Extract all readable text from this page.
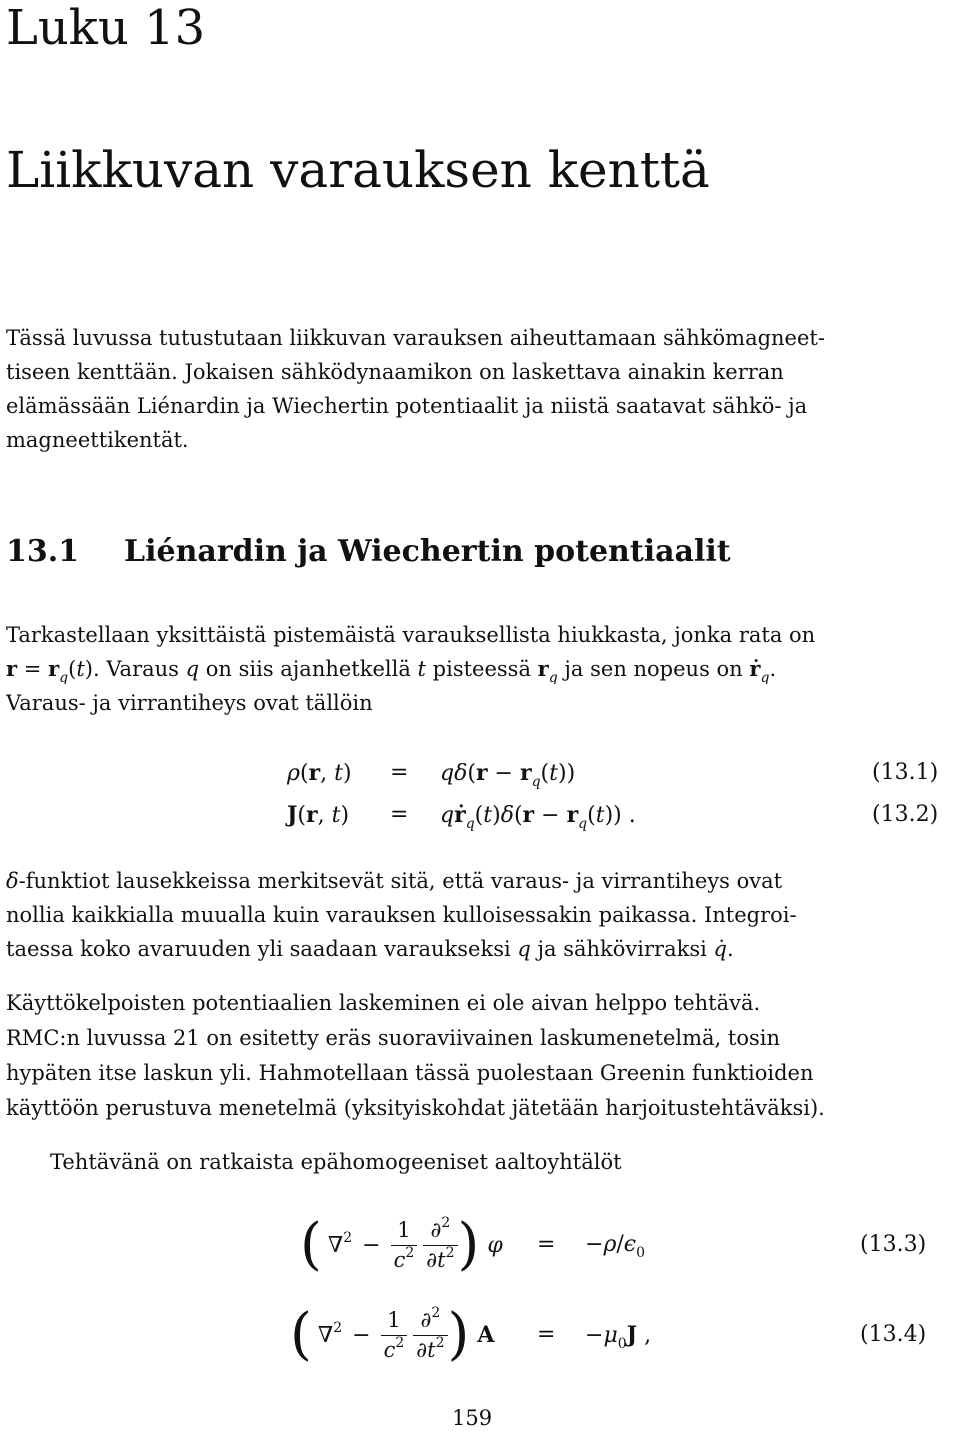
Luku 13
Liikkuvan varauksen kenttä
Tässä luvussa tutustutaan liikkuvan varauksen aiheuttamaan sähkömagneet-
tiseen kenttään. Jokaisen sähködynaamikon on laskettava ainakin kerran
elämässään Liénardin ja Wiechertin potentiaalit ja niistä saatavat sähkö- ja
magneettikentät.
13.1 Liénardin ja Wiechertin potentiaalit
Tarkastellaan yksittäistä pistemäistä varauksellista hiukkasta, jonka rata on
$r = r_q(t)$. Varaus q on siis ajanhetkellä t pisteessä $r_q$ ja sen nopeus on ṙ$_q$.
Varaus- ja virrantiheys ovat tällöin
ρ(r, $t) = q\delta(r - r_q(t))$	(13.1)
J(r, t) = qṙ$_q$(t)δ(r − $r_q(t)$) .	(13.2)
δ-funktiot lausekkeissa merkitsevät sitä, että varaus- ja virrantiheys ovat
nollia kaikkialla muualla kuin varauksen kulloisessakin paikassa. Integroi-
taessa koko avaruuden yli saadaan varaukseksi q ja sähkövirraksi q̇.
Käyttökelpoisten potentiaalien laskeminen ei ole aivan helppo tehtävä.
RMC:n luvussa 21 on esitetty eräs suoraviivainen laskumenetelmä, tosin
hypäten itse laskun yli. Hahmotellaan tässä puolestaan Greenin funktioiden
käyttöön perustuva menetelmä (yksityiskohdat jätetään harjoitustehtäväksi).
Tehtävänä on ratkaista epähomogeeniset aaltoyhtälöt
( $\nabla^2 - \frac{1}{c^2} \frac{\partial^2}{\partial t^2}$ ) $\varphi = -\rho/\epsilon_0$	(13.3)
( $\nabla^2 - \frac{1}{c^2} \frac{\partial^2}{\partial t^2}$ ) $A = -\mu_0J$ ,	(13.4)
159
